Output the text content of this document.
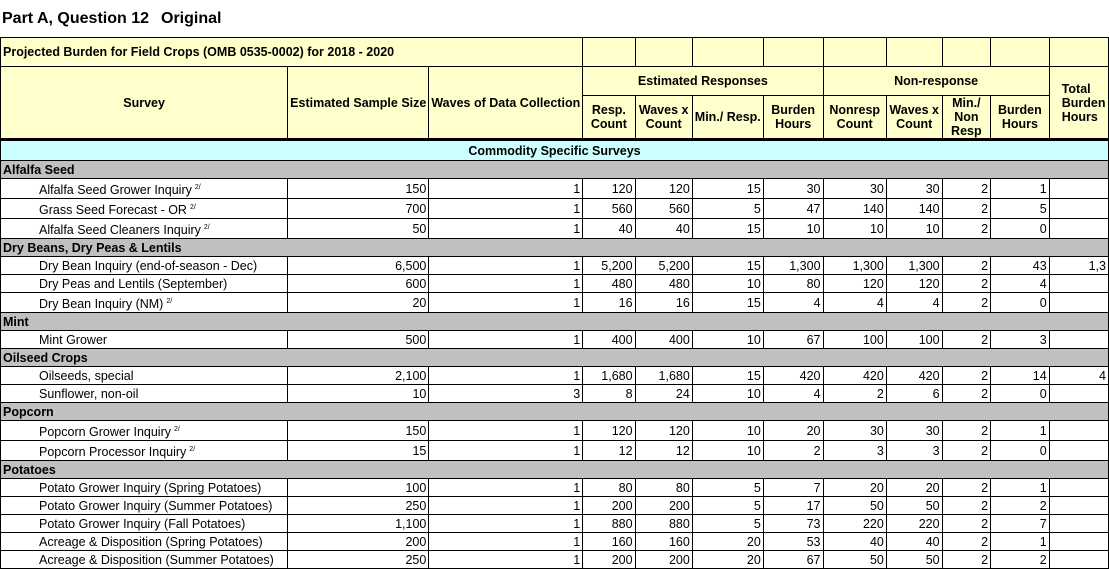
Part A, Question 12 Original
Projected Burden for Field Crops (OMB 0535-0002) for 2018 - 2020											
Survey	Estimated Sample Size	Waves of Data Collection	Estimated Responses				Non-response				Total Burden Hours
			Resp. Count	Waves x Count	Min./ Resp.	Burden Hours	Nonresp Count	Waves x Count	Min./ Non Resp	Burden Hours	
Commodity Specific Surveys											
Alfalfa Seed											
Alfalfa Seed Grower Inquiry $^{2/}$	150	1	120	120	15	30	30	30	2	1	
Grass Seed Forecast - OR $^{2/}$	700	1	560	560	5	47	140	140	2	5	
Alfalfa Seed Cleaners Inquiry $^{2/}$	50	1	40	40	15	10	10	10	2	0	
Dry Beans, Dry Peas & Lentils											
Dry Bean Inquiry (end-of-season - Dec)	6,500	1	5,200	5,200	15	1,300	1,300	1,300	2	43	1,3
Dry Peas and Lentils (September)	600	1	480	480	10	80	120	120	2	4	
Dry Bean Inquiry (NM) $^{2/}$	20	1	16	16	15	4	4	4	2	0	
Mint											
Mint Grower	500	1	400	400	10	67	100	100	2	3	
Oilseed Crops											
Oilseeds, special	2,100	1	1,680	1,680	15	420	420	420	2	14	4
Sunflower, non-oil	10	3	8	24	10	4	2	6	2	0	
Popcorn											
Popcorn Grower Inquiry $^{2/}$	150	1	120	120	10	20	30	30	2	1	
Popcorn Processor Inquiry $^{2/}$	15	1	12	12	10	2	3	3	2	0	
Potatoes											
Potato Grower Inquiry (Spring Potatoes)	100	1	80	80	5	7	20	20	2	1	
Potato Grower Inquiry (Summer Potatoes)	250	1	200	200	5	17	50	50	2	2	
Potato Grower Inquiry (Fall Potatoes)	1,100	1	880	880	5	73	220	220	2	7	
Acreage & Disposition (Spring Potatoes)	200	1	160	160	20	53	40	40	2	1	
Acreage & Disposition (Summer Potatoes)	250	1	200	200	20	67	50	50	2	2	
